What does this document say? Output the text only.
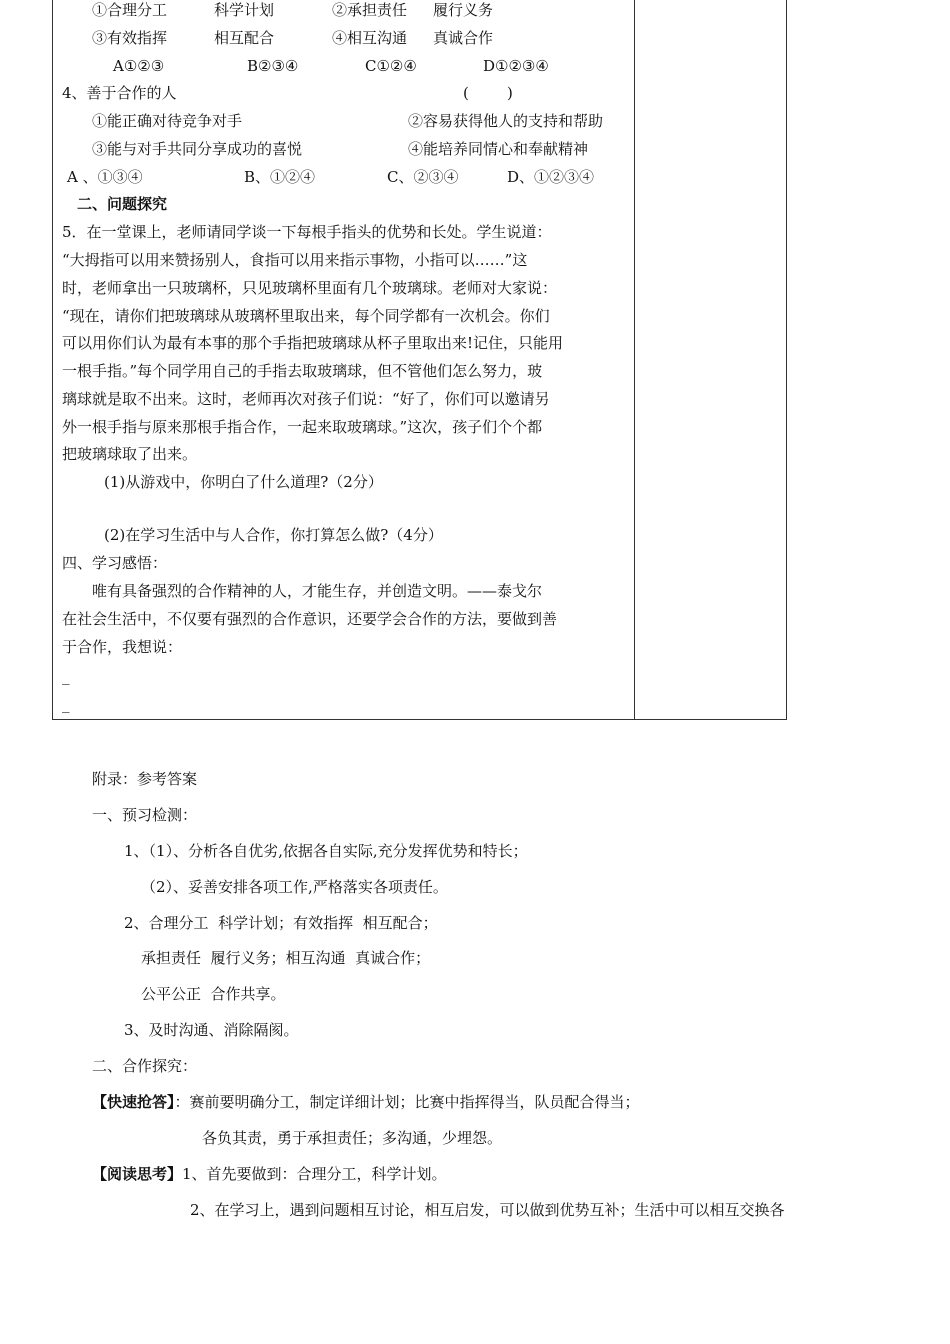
①合理分工	科学计划	②承担责任 履行义务
③有效指挥	相互配合	④相互沟通 真诚合作
A①②③	B②③④	C①②④	D①②③④
4、善于合作的人	(        )
①能正确对待竞争对手	②容易获得他人的支持和帮助
③能与对手共同分享成功的喜悦	④能培养同情心和奉献精神
A 、①③④	B、①②④	C、②③④	D、①②③④
二、问题探究
5．在一堂课上，老师请同学谈一下每根手指头的优势和长处。学生说道：
“大拇指可以用来赞扬别人，食指可以用来指示事物，小指可以……”这
时，老师拿出一只玻璃杯，只见玻璃杯里面有几个玻璃球。老师对大家说：
“现在，请你们把玻璃球从玻璃杯里取出来，每个同学都有一次机会。你们
可以用你们认为最有本事的那个手指把玻璃球从杯子里取出来!记住，只能用
一根手指。”每个同学用自己的手指去取玻璃球，但不管他们怎么努力，玻
璃球就是取不出来。这时，老师再次对孩子们说：“好了，你们可以邀请另
外一根手指与原来那根手指合作，一起来取玻璃球。”这次，孩子们个个都
把玻璃球取了出来。
(1)从游戏中，你明白了什么道理?（2分）
(2)在学习生活中与人合作，你打算怎么做?（4分）
四、学习感悟：
唯有具备强烈的合作精神的人，才能生存，并创造文明。——泰戈尔
在社会生活中，不仅要有强烈的合作意识，还要学会合作的方法，要做到善
于合作，我想说：
_
_
附录：参考答案
一、预习检测：
1、（1）、分析各自优劣,依据各自实际,充分发挥优势和特长；
（2）、妥善安排各项工作,严格落实各项责任。
2、合理分工  科学计划；有效指挥  相互配合；
承担责任  履行义务；相互沟通  真诚合作；
公平公正  合作共享。
3、及时沟通、消除隔阂。
二、合作探究：
【快速抢答】：赛前要明确分工，制定详细计划；比赛中指挥得当，队员配合得当；
各负其责，勇于承担责任；多沟通，少埋怨。
【阅读思考】1、首先要做到：合理分工，科学计划。
2、在学习上，遇到问题相互讨论，相互启发，可以做到优势互补；生活中可以相互交换各
